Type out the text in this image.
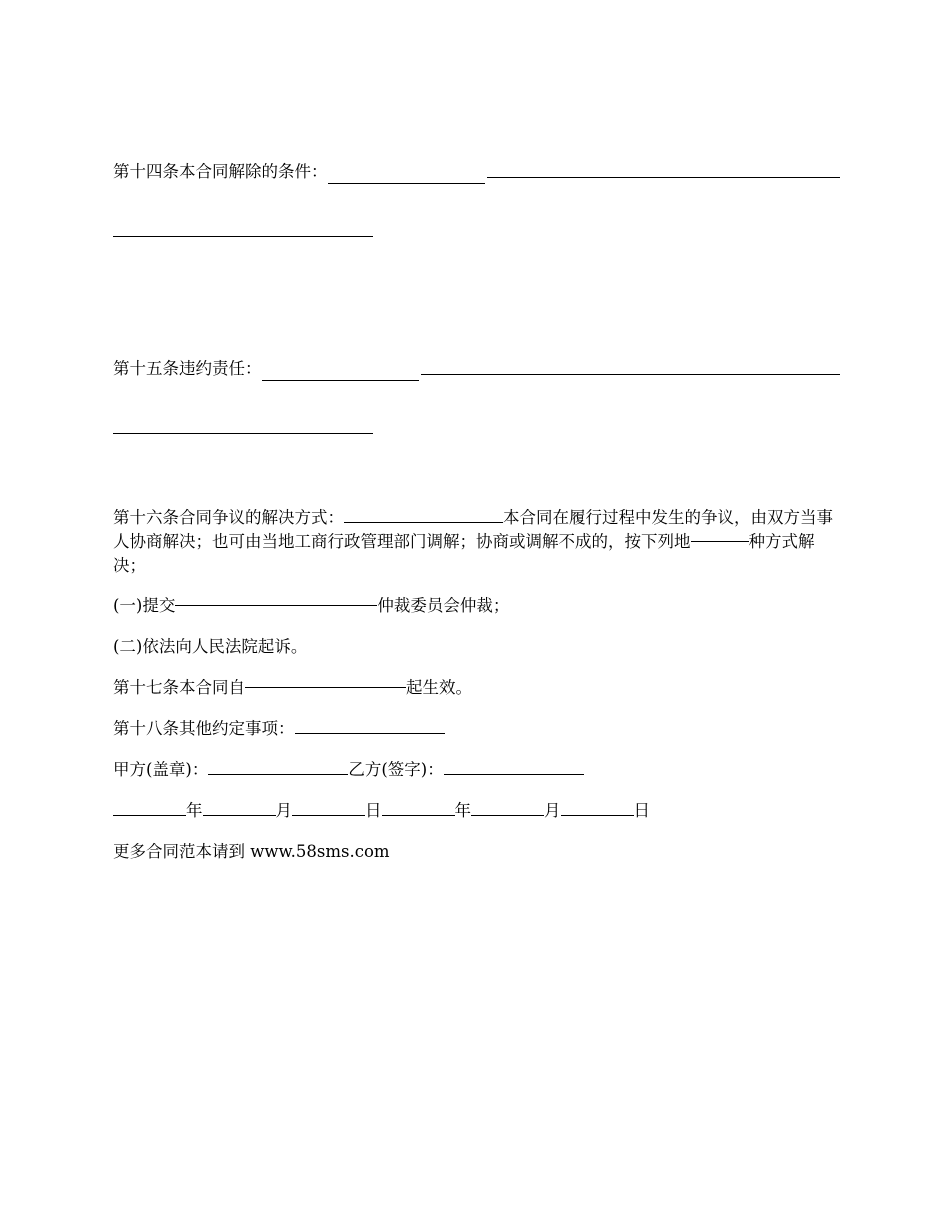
第十四条本合同解除的条件：

第十五条违约责任：

第十六条合同争议的解决方式：	本合同在履行过程中发生的争议，由双方当事人协商解决；也可由当地工商行政管理部门调解；协商或调解不成的，按下列地	种方式解决；
(一)提交	仲裁委员会仲裁；
(二)依法向人民法院起诉。
第十七条本合同自	起生效。
第十八条其他约定事项：
甲方(盖章)：	乙方(签字)：
年	月	日	年	月	日
更多合同范本请到 www.58sms.com
